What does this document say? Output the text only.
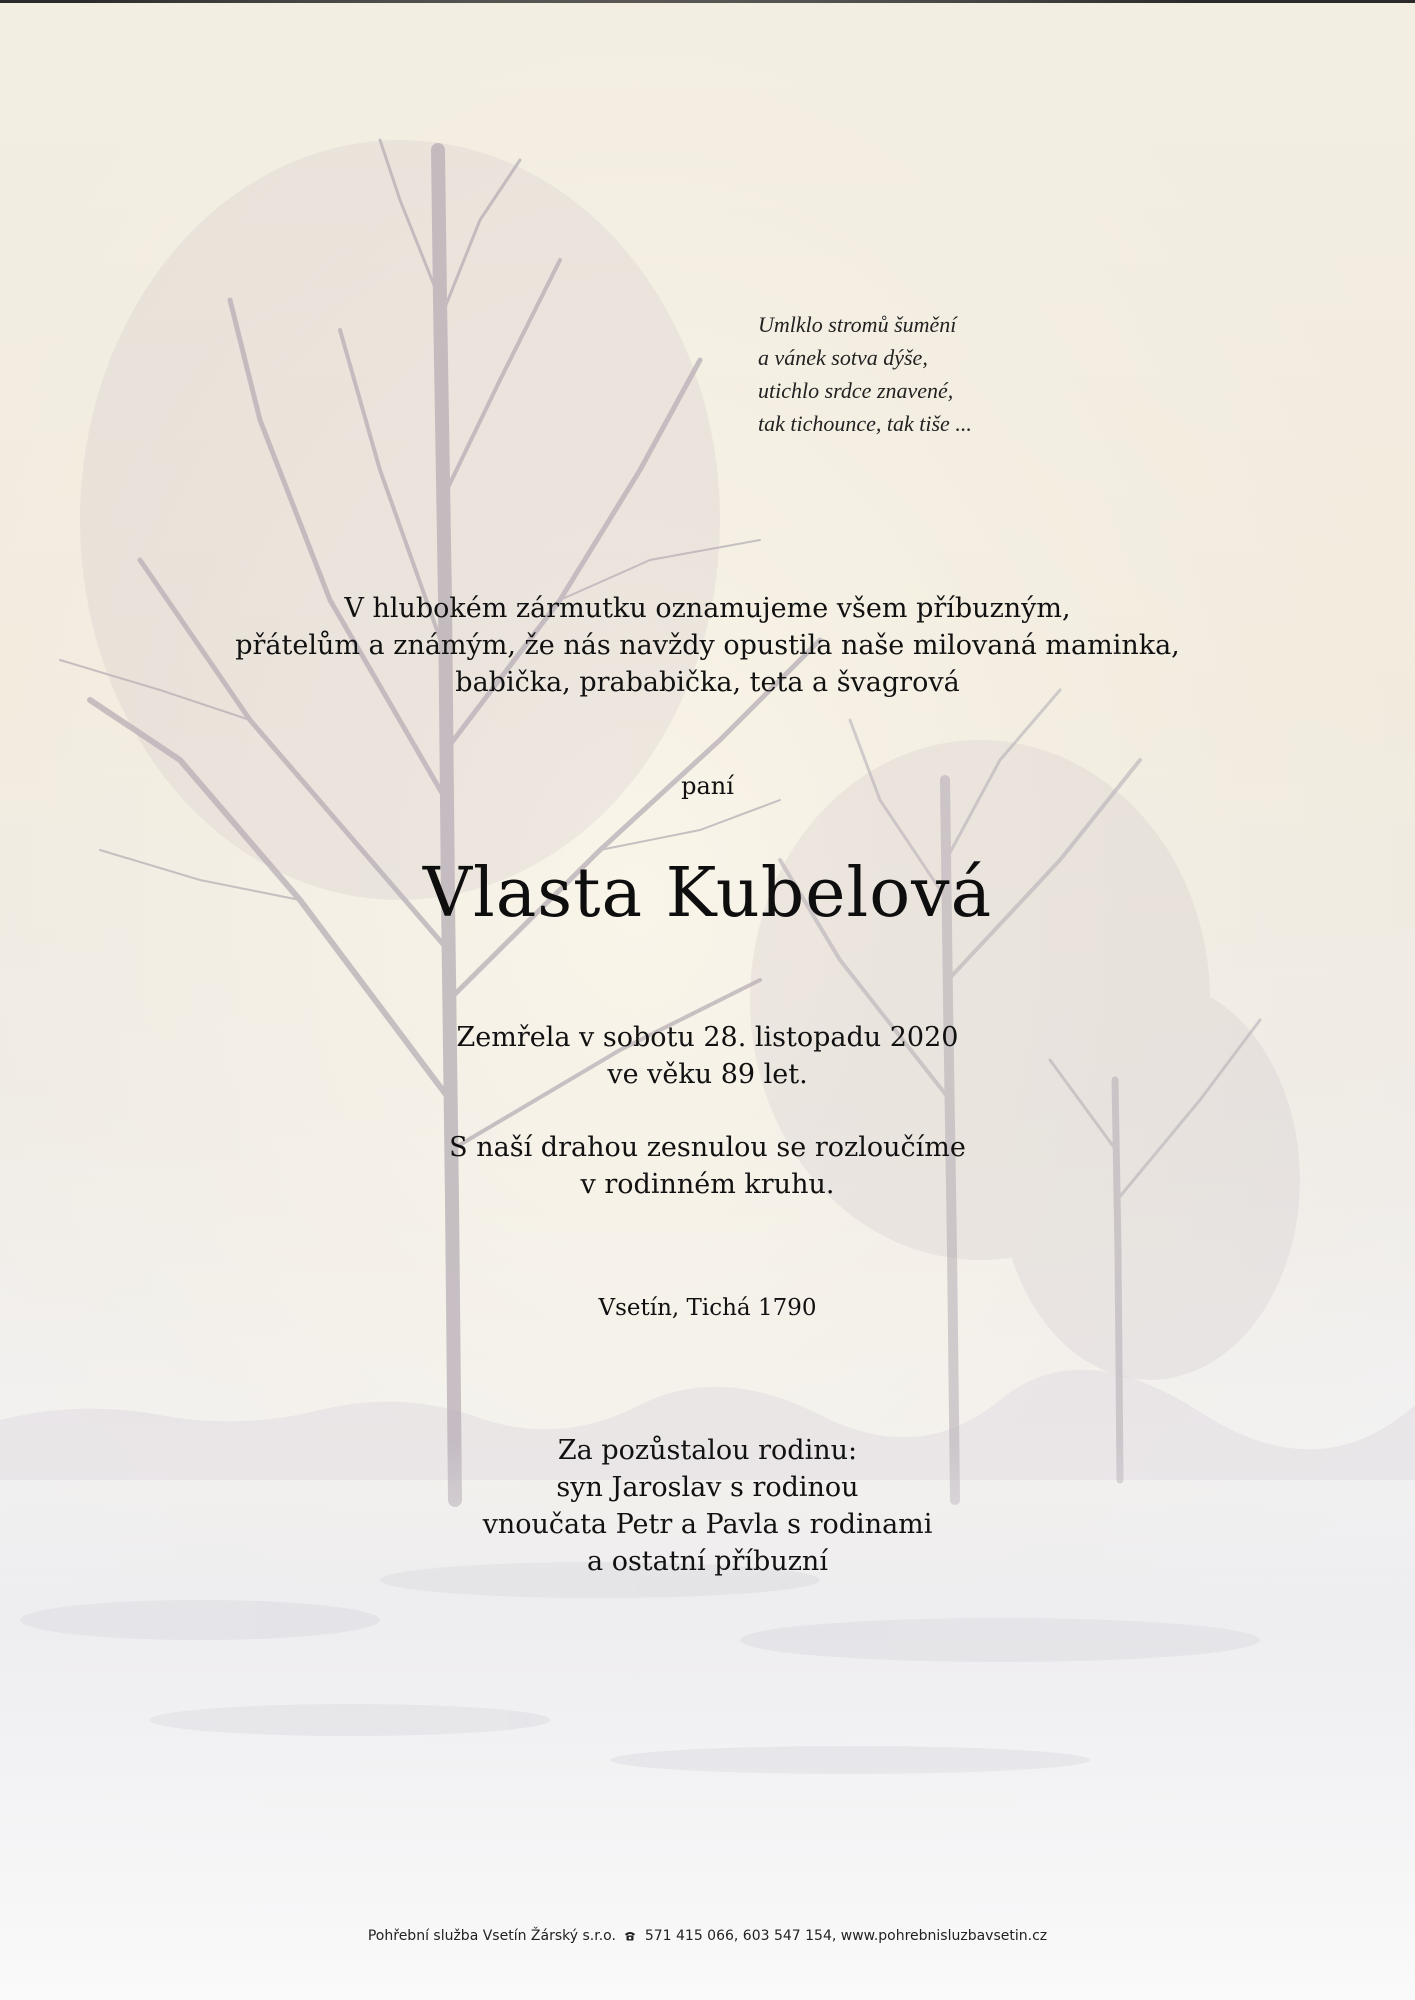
Umlklo stromů šumění
a vánek sotva dýše,
utichlo srdce znavené,
tak tichounce, tak tiše ...
V hlubokém zármutku oznamujeme všem příbuzným,
přátelům a známým, že nás navždy opustila naše milovaná maminka,
babička, prababička, teta a švagrová
paní
Vlasta Kubelová
Zemřela v sobotu 28. listopadu 2020
ve věku 89 let.
S naší drahou zesnulou se rozloučíme
v rodinném kruhu.
Vsetín, Tichá 1790
Za pozůstalou rodinu:
syn Jaroslav s rodinou
vnoučata Petr a Pavla s rodinami
a ostatní příbuzní
Pohřební služba Vsetín Žárský s.r.o. 571 415 066, 603 547 154, www.pohrebnisluzbavsetin.cz
